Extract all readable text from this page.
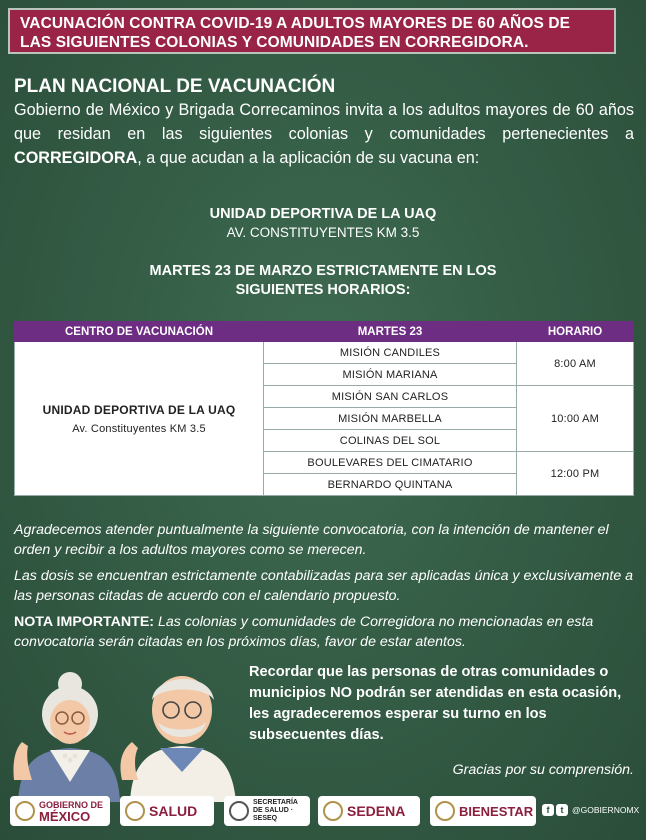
VACUNACIÓN CONTRA COVID-19 A ADULTOS MAYORES DE 60 AÑOS DE
LAS SIGUIENTES COLONIAS Y COMUNIDADES EN CORREGIDORA.
PLAN NACIONAL DE VACUNACIÓN
Gobierno de México y Brigada Correcaminos invita a los adultos mayores de 60 años que residan en las siguientes colonias y comunidades pertenecientes a CORREGIDORA, a que acudan a la aplicación de su vacuna en:
UNIDAD DEPORTIVA DE LA UAQ
AV. CONSTITUYENTES KM 3.5
MARTES 23 DE MARZO ESTRICTAMENTE EN LOS
SIGUIENTES HORARIOS:
CENTRO DE VACUNACIÓN	MARTES 23	HORARIO

UNIDAD DEPORTIVA DE LA UAQ
Av. Constituyentes KM 3.5	MISIÓN CANDILES	8:00 AM
	MISIÓN MARIANA	
	MISIÓN SAN CARLOS	10:00 AM
	MISIÓN MARBELLA	
	COLINAS DEL SOL	
	BOULEVARES DEL CIMATARIO	12:00 PM
	BERNARDO QUINTANA	
Agradecemos atender puntualmente la siguiente convocatoria, con la intención de mantener el orden y recibir a los adultos mayores como se merecen.
Las dosis se encuentran estrictamente contabilizadas para ser aplicadas única y exclusivamente a las personas citadas de acuerdo con el calendario propuesto.
NOTA IMPORTANTE: Las colonias y comunidades de Corregidora no mencionadas en esta convocatoria serán citadas en los próximos días, favor de estar atentos.
Recordar que las personas de otras comunidades o municipios NO podrán ser atendidas en esta ocasión, les agradeceremos esperar su turno en los subsecuentes días.
Gracias por su comprensión.
GOBIERNO DE
MÉXICO	SALUD	SECRETARÍA
DE SALUD · SESEQ	SEDENA	BIENESTAR	f	t	@GOBIERNOMX
